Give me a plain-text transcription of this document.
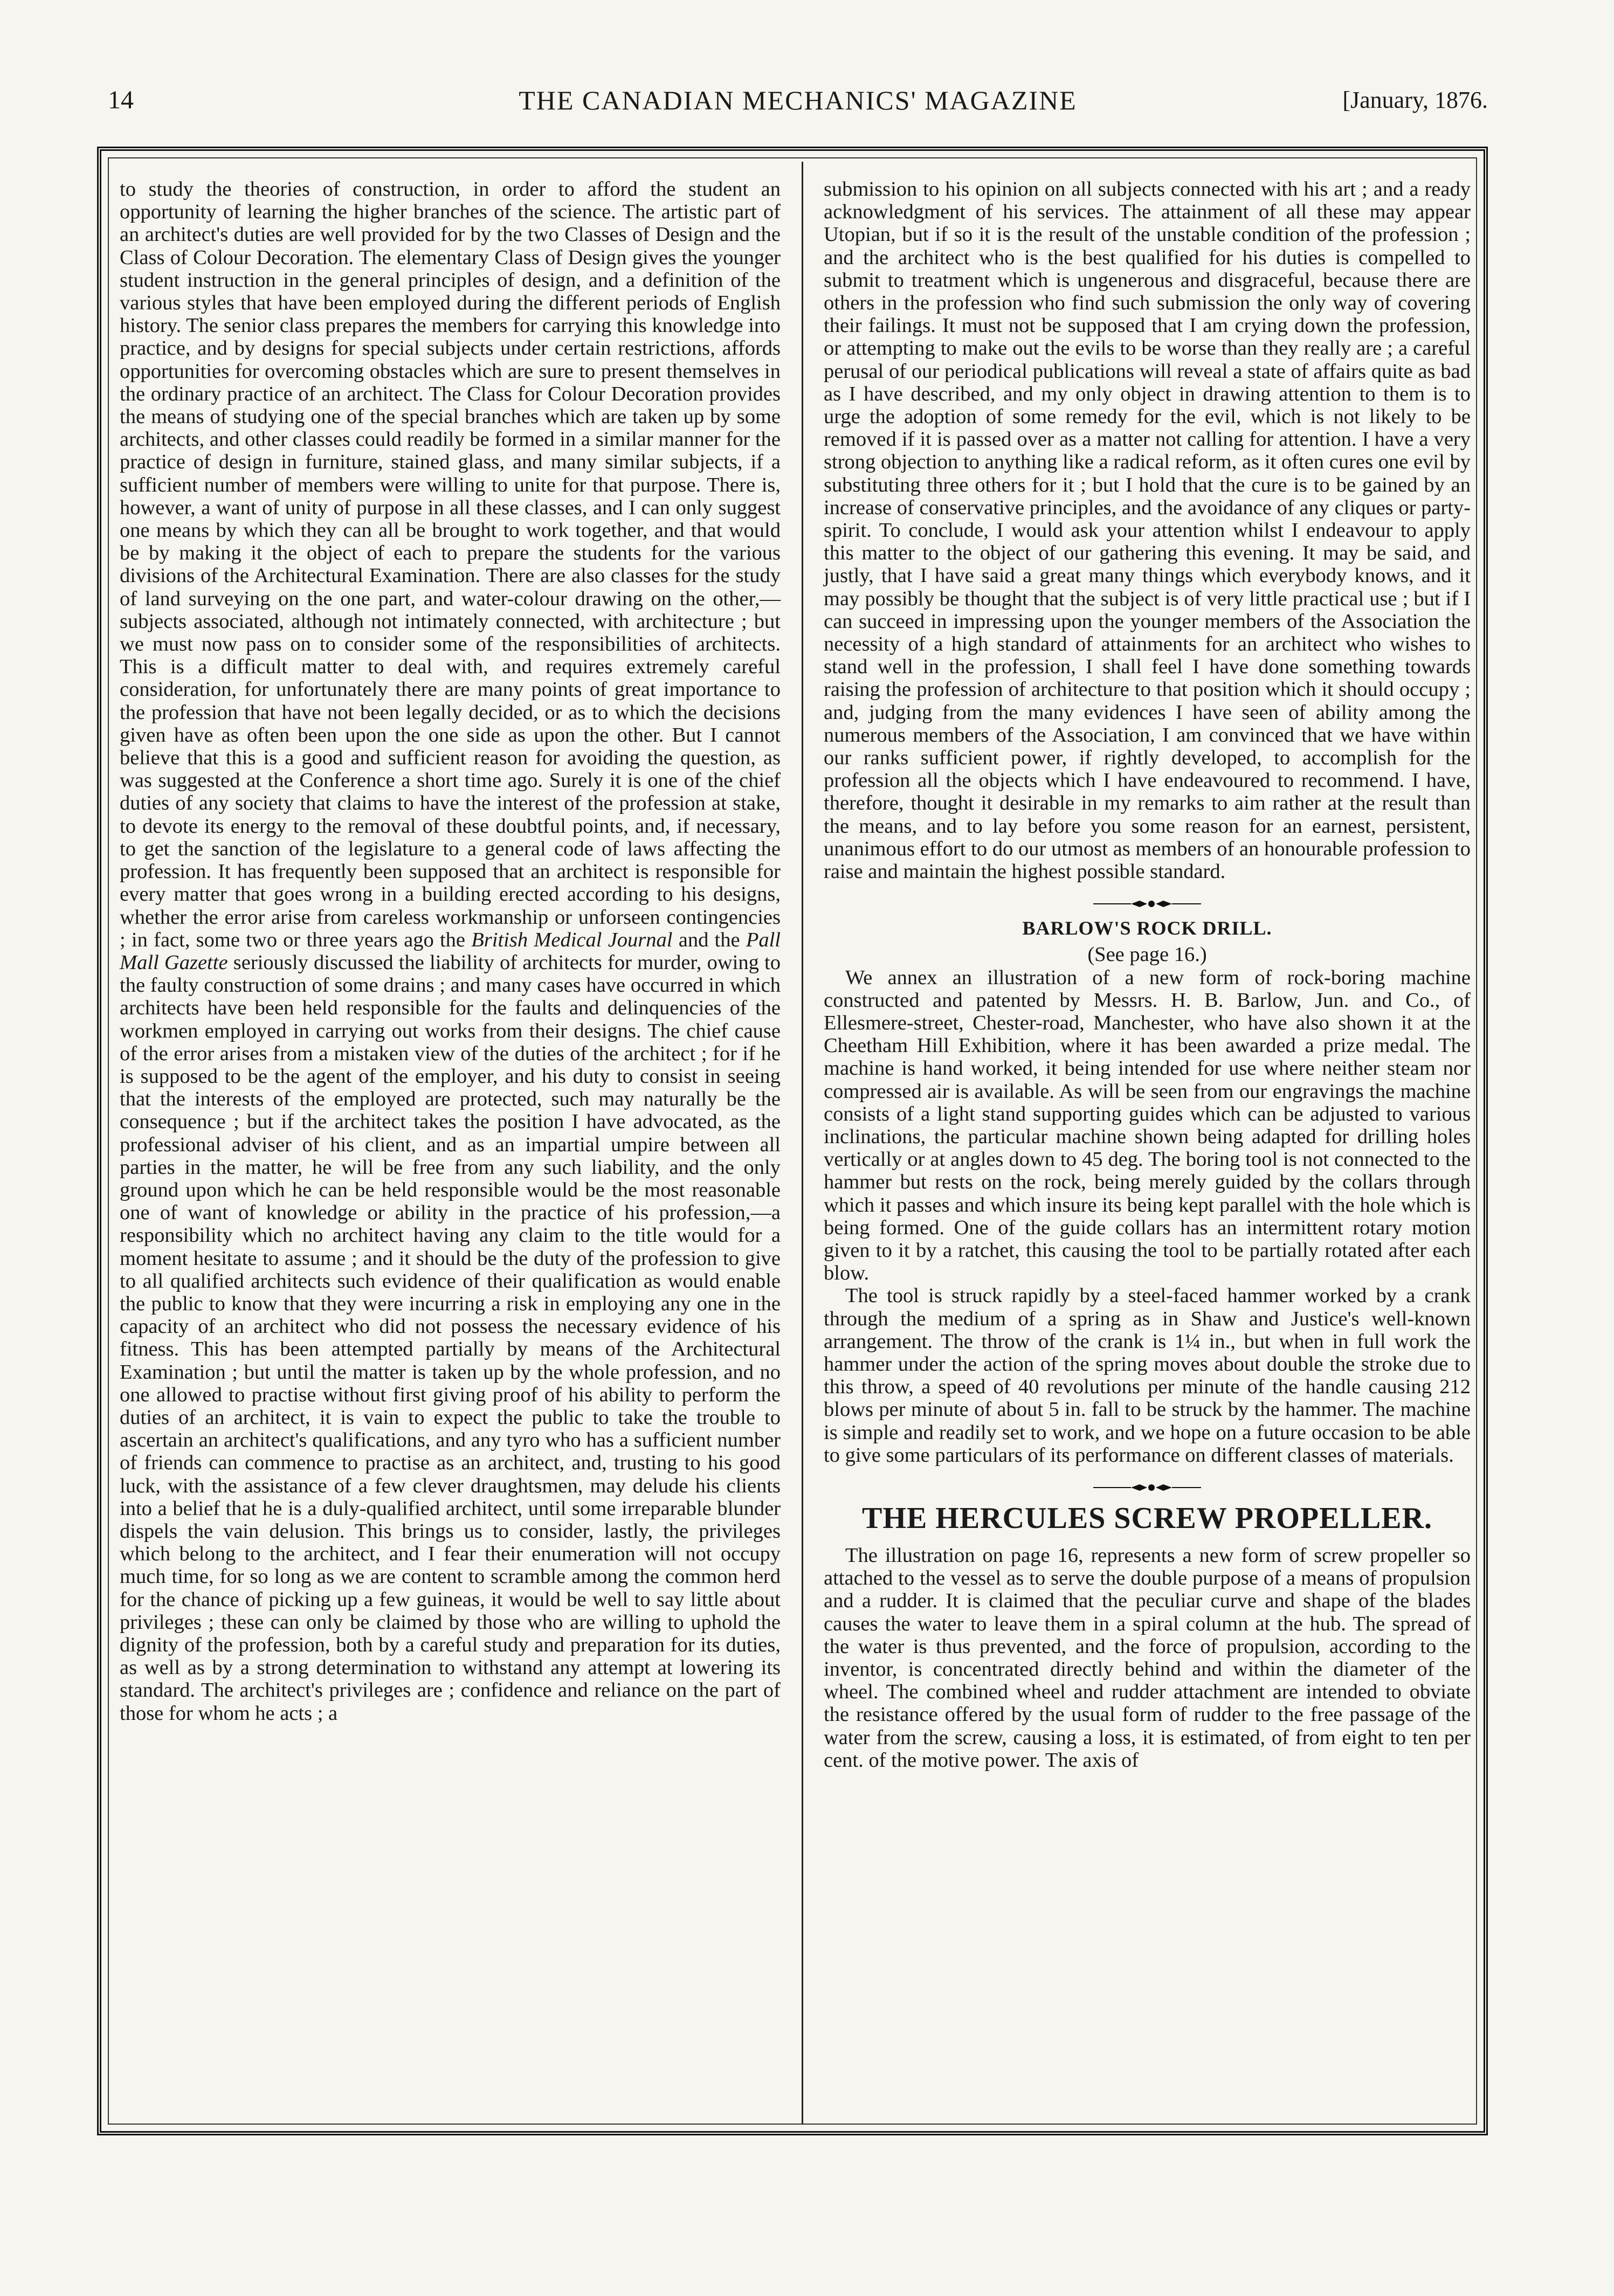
14	THE CANADIAN MECHANICS' MAGAZINE	[January, 1876.

to study the theories of construction, in order to afford the student an opportunity of learning the higher branches of the science. The artistic part of an architect's duties are well provided for by the two Classes of Design and the Class of Colour Decoration. The elementary Class of Design gives the younger student instruction in the general principles of design, and a definition of the various styles that have been employed during the different periods of English history. The senior class prepares the members for carrying this knowledge into practice, and by designs for special subjects under certain restrictions, affords opportunities for overcoming obstacles which are sure to present themselves in the ordinary practice of an architect. The Class for Colour Decoration provides the means of studying one of the special branches which are taken up by some architects, and other classes could readily be formed in a similar manner for the practice of design in furniture, stained glass, and many similar subjects, if a sufficient number of members were willing to unite for that purpose. There is, however, a want of unity of purpose in all these classes, and I can only suggest one means by which they can all be brought to work together, and that would be by making it the object of each to prepare the students for the various divisions of the Architectural Examination. There are also classes for the study of land surveying on the one part, and water-colour drawing on the other,—subjects associated, although not intimately connected, with architecture ; but we must now pass on to consider some of the responsibilities of architects. This is a difficult matter to deal with, and requires extremely careful consideration, for unfortunately there are many points of great importance to the profession that have not been legally decided, or as to which the decisions given have as often been upon the one side as upon the other. But I cannot believe that this is a good and sufficient reason for avoiding the question, as was suggested at the Conference a short time ago. Surely it is one of the chief duties of any society that claims to have the interest of the profession at stake, to devote its energy to the removal of these doubtful points, and, if necessary, to get the sanction of the legislature to a general code of laws affecting the profession. It has frequently been supposed that an architect is responsible for every matter that goes wrong in a building erected according to his designs, whether the error arise from careless workmanship or unforseen contingencies ; in fact, some two or three years ago the British Medical Journal and the Pall Mall Gazette seriously discussed the liability of architects for murder, owing to the faulty construction of some drains ; and many cases have occurred in which architects have been held responsible for the faults and delinquencies of the workmen employed in carrying out works from their designs. The chief cause of the error arises from a mistaken view of the duties of the architect ; for if he is supposed to be the agent of the employer, and his duty to consist in seeing that the interests of the employed are protected, such may naturally be the consequence ; but if the architect takes the position I have advocated, as the professional adviser of his client, and as an impartial umpire between all parties in the matter, he will be free from any such liability, and the only ground upon which he can be held responsible would be the most reasonable one of want of knowledge or ability in the practice of his profession,—a responsibility which no architect having any claim to the title would for a moment hesitate to assume ; and it should be the duty of the profession to give to all qualified architects such evidence of their qualification as would enable the public to know that they were incurring a risk in employing any one in the capacity of an architect who did not possess the necessary evidence of his fitness. This has been attempted partially by means of the Architectural Examination ; but until the matter is taken up by the whole profession, and no one allowed to practise without first giving proof of his ability to perform the duties of an architect, it is vain to expect the public to take the trouble to ascertain an architect's qualifications, and any tyro who has a sufficient number of friends can commence to practise as an architect, and, trusting to his good luck, with the assistance of a few clever draughtsmen, may delude his clients into a belief that he is a duly-qualified architect, until some irreparable blunder dispels the vain delusion. This brings us to consider, lastly, the privileges which belong to the architect, and I fear their enumeration will not occupy much time, for so long as we are content to scramble among the common herd for the chance of picking up a few guineas, it would be well to say little about privileges ; these can only be claimed by those who are willing to uphold the dignity of the profession, both by a careful study and preparation for its duties, as well as by a strong determination to withstand any attempt at lowering its standard. The architect's privileges are ; confidence and reliance on the part of those for whom he acts ; a

submission to his opinion on all subjects connected with his art ; and a ready acknowledgment of his services. The attainment of all these may appear Utopian, but if so it is the result of the unstable condition of the profession ; and the architect who is the best qualified for his duties is compelled to submit to treatment which is ungenerous and disgraceful, because there are others in the profession who find such submission the only way of covering their failings. It must not be supposed that I am crying down the profession, or attempting to make out the evils to be worse than they really are ; a careful perusal of our periodical publications will reveal a state of affairs quite as bad as I have described, and my only object in drawing attention to them is to urge the adoption of some remedy for the evil, which is not likely to be removed if it is passed over as a matter not calling for attention. I have a very strong objection to anything like a radical reform, as it often cures one evil by substituting three others for it ; but I hold that the cure is to be gained by an increase of conservative principles, and the avoidance of any cliques or party-spirit. To conclude, I would ask your attention whilst I endeavour to apply this matter to the object of our gathering this evening. It may be said, and justly, that I have said a great many things which everybody knows, and it may possibly be thought that the subject is of very little practical use ; but if I can succeed in impressing upon the younger members of the Association the necessity of a high standard of attainments for an architect who wishes to stand well in the profession, I shall feel I have done something towards raising the profession of architecture to that position which it should occupy ; and, judging from the many evidences I have seen of ability among the numerous members of the Association, I am convinced that we have within our ranks sufficient power, if rightly developed, to accomplish for the profession all the objects which I have endeavoured to recommend. I have, therefore, thought it desirable in my remarks to aim rather at the result than the means, and to lay before you some reason for an earnest, persistent, unanimous effort to do our utmost as members of an honourable profession to raise and maintain the highest possible standard.

BARLOW'S ROCK DRILL.

(See page 16.)

We annex an illustration of a new form of rock-boring machine constructed and patented by Messrs. H. B. Barlow, Jun. and Co., of Ellesmere-street, Chester-road, Manchester, who have also shown it at the Cheetham Hill Exhibition, where it has been awarded a prize medal. The machine is hand worked, it being intended for use where neither steam nor compressed air is available. As will be seen from our engravings the machine consists of a light stand supporting guides which can be adjusted to various inclinations, the particular machine shown being adapted for drilling holes vertically or at angles down to 45 deg. The boring tool is not connected to the hammer but rests on the rock, being merely guided by the collars through which it passes and which insure its being kept parallel with the hole which is being formed. One of the guide collars has an intermittent rotary motion given to it by a ratchet, this causing the tool to be partially rotated after each blow.

The tool is struck rapidly by a steel-faced hammer worked by a crank through the medium of a spring as in Shaw and Justice's well-known arrangement. The throw of the crank is 1¼ in., but when in full work the hammer under the action of the spring moves about double the stroke due to this throw, a speed of 40 revolutions per minute of the handle causing 212 blows per minute of about 5 in. fall to be struck by the hammer. The machine is simple and readily set to work, and we hope on a future occasion to be able to give some particulars of its performance on different classes of materials.

THE HERCULES SCREW PROPELLER.

The illustration on page 16, represents a new form of screw propeller so attached to the vessel as to serve the double purpose of a means of propulsion and a rudder. It is claimed that the peculiar curve and shape of the blades causes the water to leave them in a spiral column at the hub. The spread of the water is thus prevented, and the force of propulsion, according to the inventor, is concentrated directly behind and within the diameter of the wheel. The combined wheel and rudder attachment are intended to obviate the resistance offered by the usual form of rudder to the free passage of the water from the screw, causing a loss, it is estimated, of from eight to ten per cent. of the motive power. The axis of
